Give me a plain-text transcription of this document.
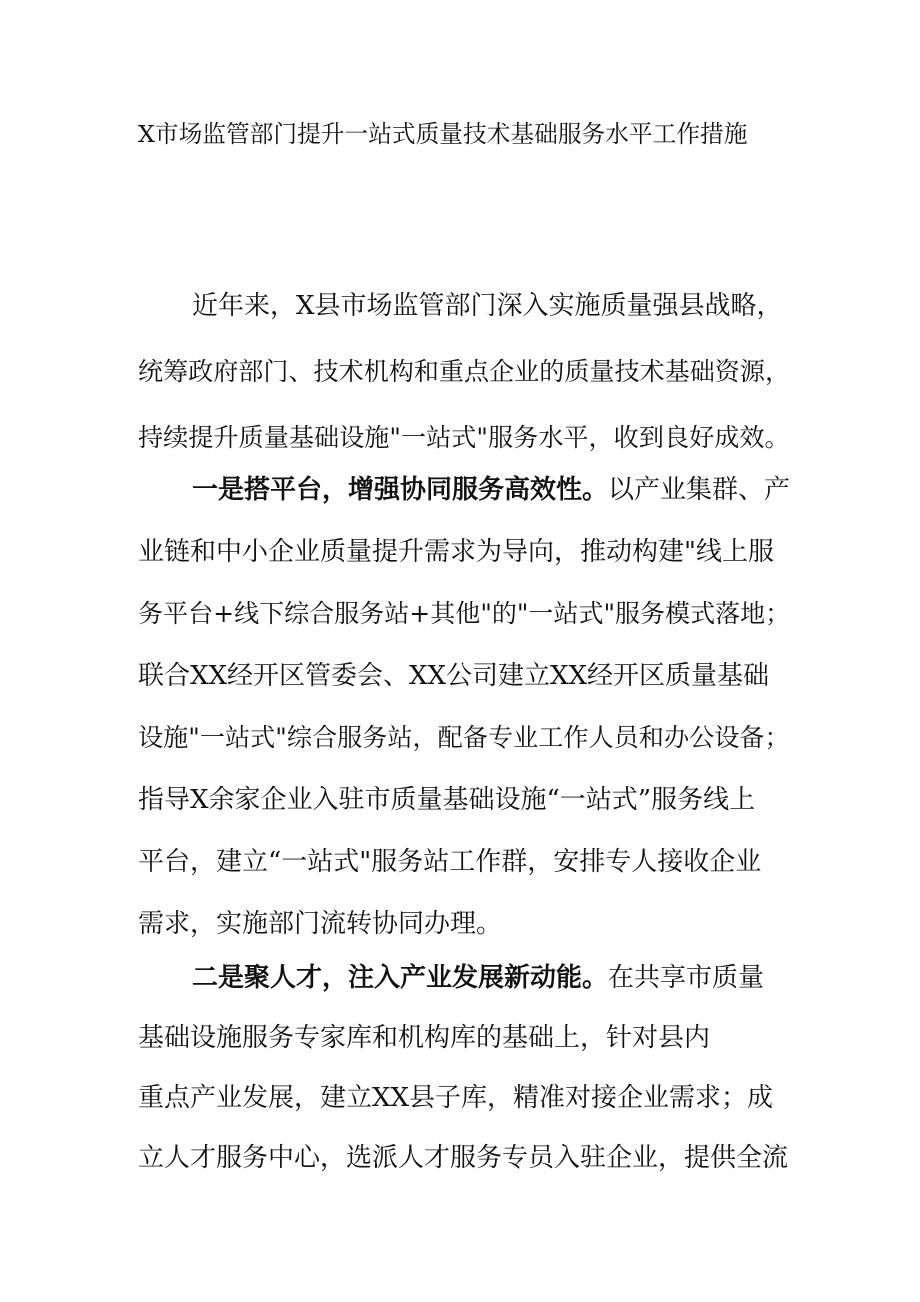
X市场监管部门提升一站式质量技术基础服务水平工作措施

近年来，X县市场监管部门深入实施质量强县战略，

统筹政府部门、技术机构和重点企业的质量技术基础资源，

持续提升质量基础设施"一站式"服务水平，收到良好成效。

一是搭平台，增强协同服务高效性。以产业集群、产

业链和中小企业质量提升需求为导向，推动构建"线上服

务平台+线下综合服务站+其他"的"一站式"服务模式落地；

联合XX经开区管委会、XX公司建立XX经开区质量基础

设施"一站式"综合服务站，配备专业工作人员和办公设备；

指导X余家企业入驻市质量基础设施“一站式”服务线上

平台，建立“一站式"服务站工作群，安排专人接收企业

需求，实施部门流转协同办理。

二是聚人才，注入产业发展新动能。在共享市质量

基础设施服务专家库和机构库的基础上，针对县内

重点产业发展，建立XX县子库，精准对接企业需求；成

立人才服务中心，选派人才服务专员入驻企业，提供全流
